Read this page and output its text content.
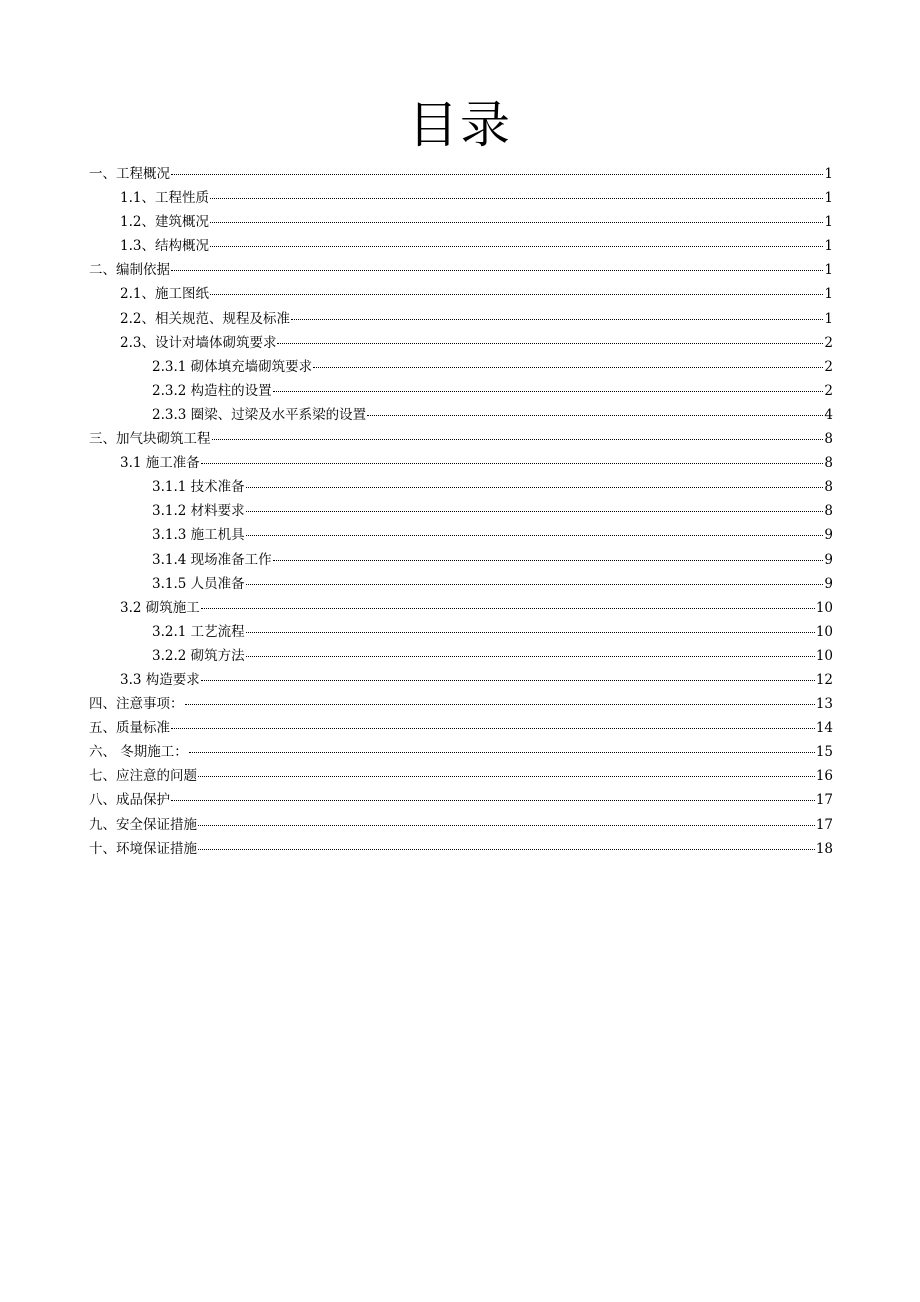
目录
一、工程概况	1
1.1、工程性质	1
1.2、建筑概况	1
1.3、结构概况	1
二、编制依据	1
2.1、施工图纸	1
2.2、相关规范、规程及标准	1
2.3、设计对墙体砌筑要求	2
2.3.1 砌体填充墙砌筑要求	2
2.3.2 构造柱的设置	2
2.3.3 圈梁、过梁及水平系梁的设置	4
三、加气块砌筑工程	8
3.1 施工准备	8
3.1.1 技术准备	8
3.1.2 材料要求	8
3.1.3 施工机具	9
3.1.4 现场准备工作	9
3.1.5 人员准备	9
3.2 砌筑施工	10
3.2.1 工艺流程	10
3.2.2 砌筑方法	10
3.3 构造要求	12
四、注意事项：	13
五、质量标准	14
六、 冬期施工：	15
七、应注意的问题	16
八、成品保护	17
九、安全保证措施	17
十、环境保证措施	18
